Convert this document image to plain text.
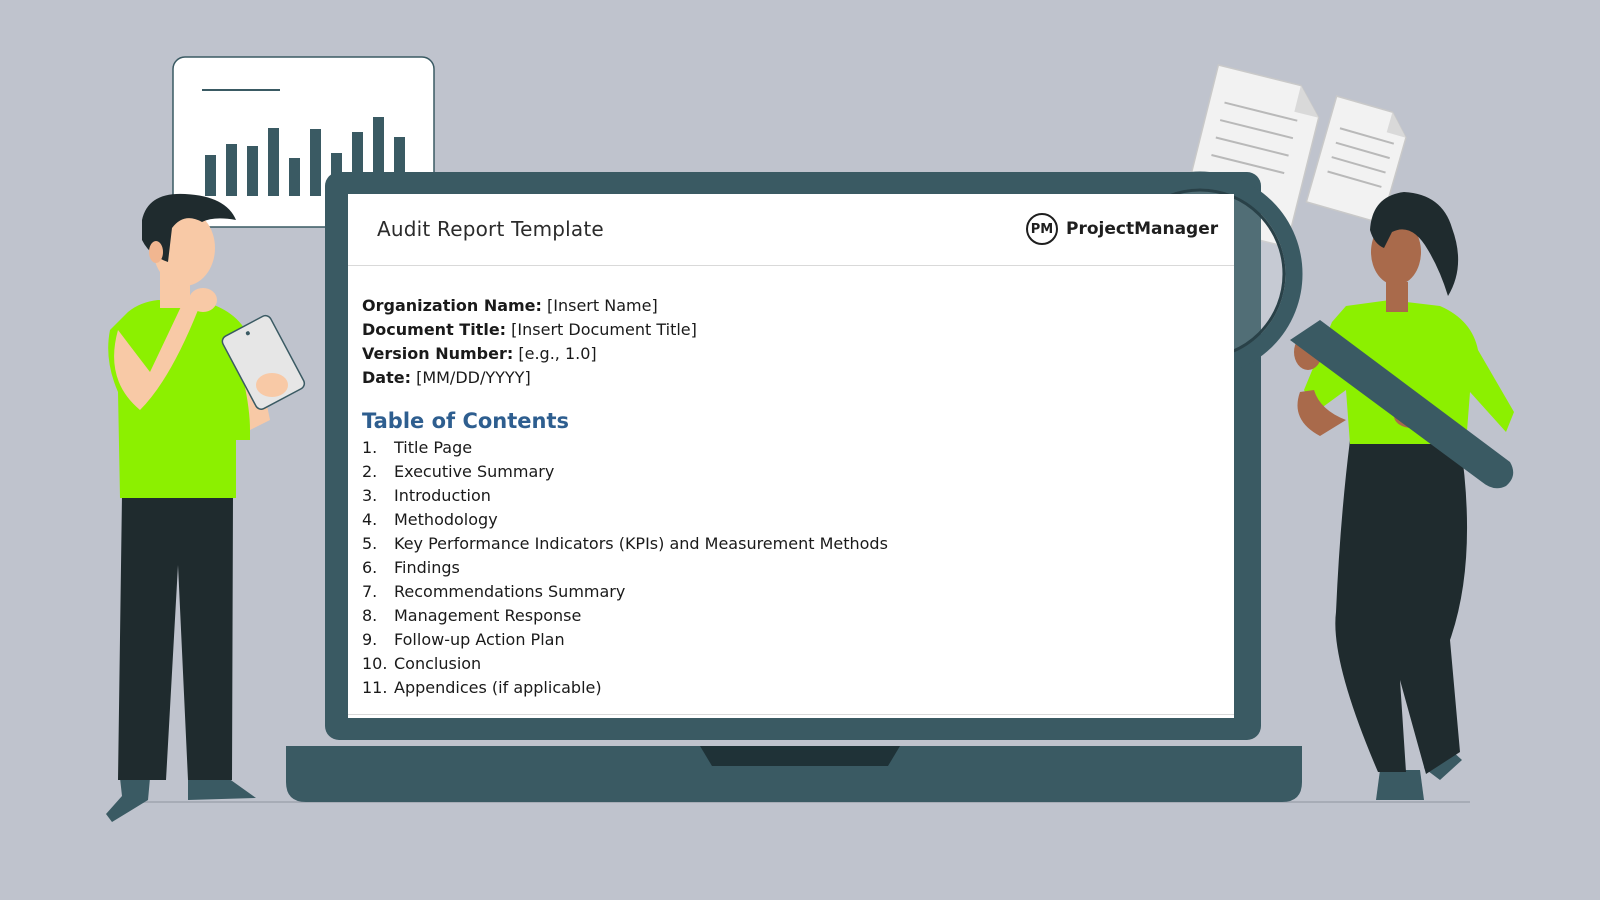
Audit Report Template	PM ProjectManager
Organization Name: [Insert Name]
Document Title: [Insert Document Title]
Version Number: [e.g., 1.0]
Date: [MM/DD/YYYY]
Table of Contents
1.	Title Page
2.	Executive Summary
3.	Introduction
4.	Methodology
5.	Key Performance Indicators (KPIs) and Measurement Methods
6.	Findings
7.	Recommendations Summary
8.	Management Response
9.	Follow-up Action Plan
10. Conclusion
11. Appendices (if applicable)
